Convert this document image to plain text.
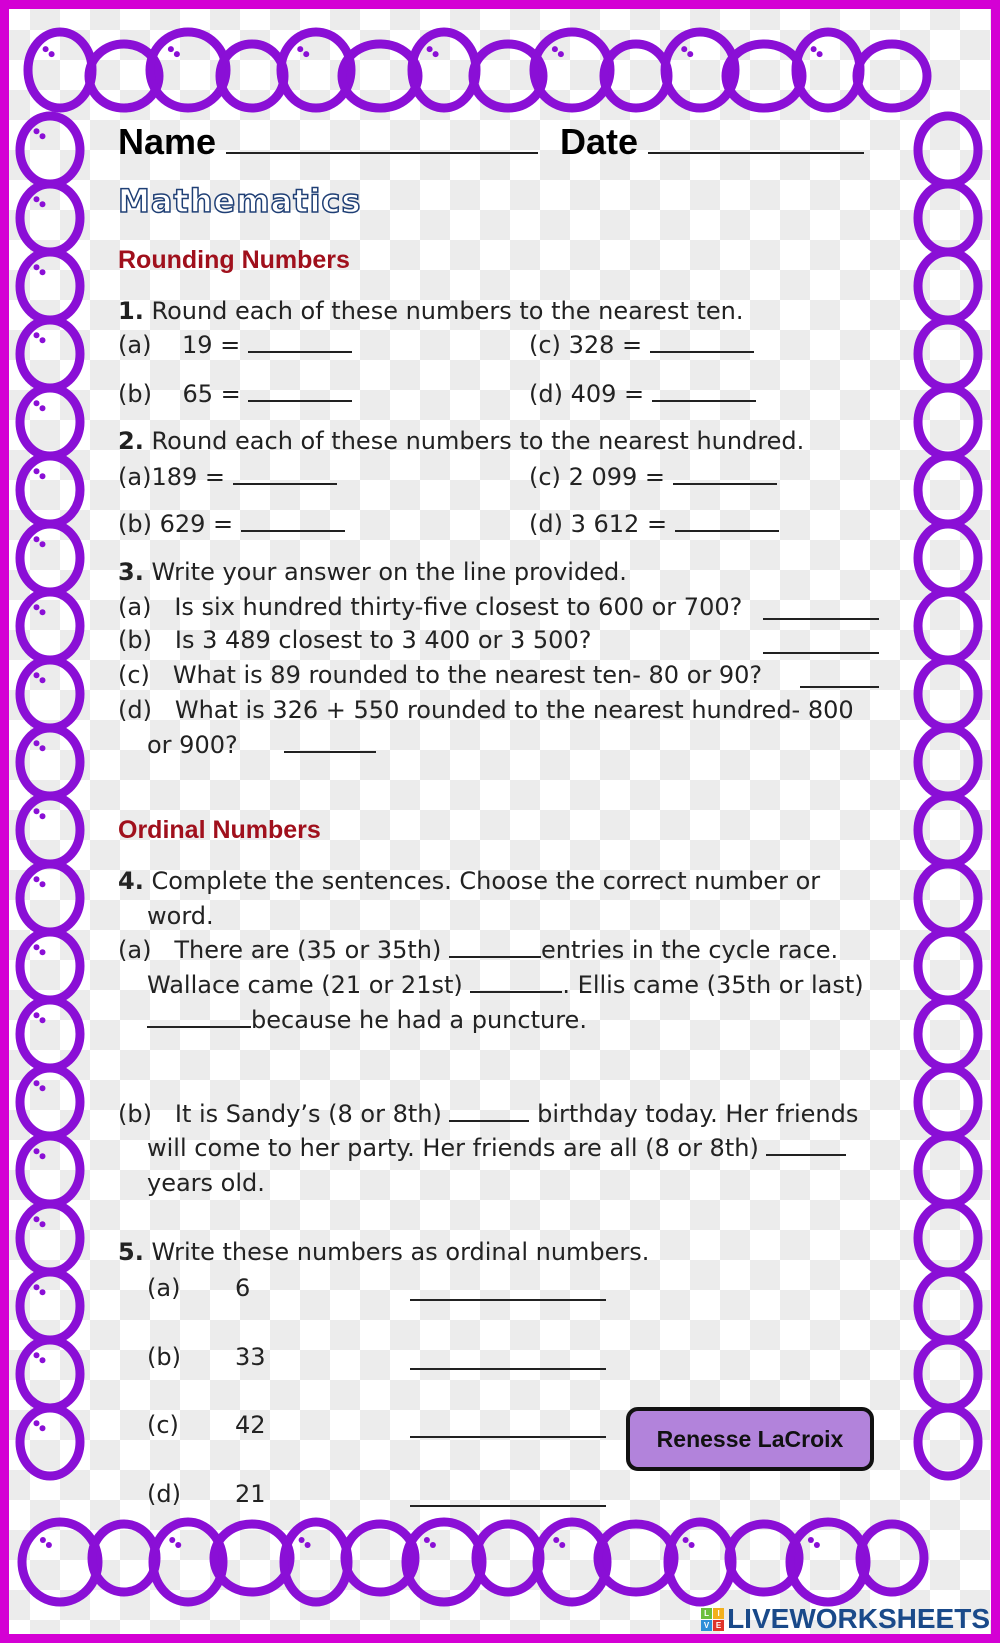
Name	Date
Mathematics
Rounding Numbers
1. Round each of these numbers to the nearest ten.
(a) 19 =	(c) 328 =
(b) 65 =	(d) 409 =
2. Round each of these numbers to the nearest hundred.
(a)189 =	(c) 2 099 =
(b) 629 =	(d) 3 612 =
3. Write your answer on the line provided.
(a) Is six hundred thirty-five closest to 600 or 700?
(b) Is 3 489 closest to 3 400 or 3 500?
(c) What is 89 rounded to the nearest ten- 80 or 90?
(d) What is 326 + 550 rounded to the nearest hundred- 800
or 900?
Ordinal Numbers
4. Complete the sentences. Choose the correct number or
word.
(a) There are (35 or 35th)	entries in the cycle race.
Wallace came (21 or 21st)	. Ellis came (35th or last)
because he had a puncture.
(b) It is Sandy’s (8 or 8th)	birthday today. Her friends
will come to her party. Her friends are all (8 or 8th)
years old.
5. Write these numbers as ordinal numbers.
(a) 6
(b) 33
(c) 42
(d) 21
Renesse LaCroix
L	I
V E LIVEWORKSHEETS
